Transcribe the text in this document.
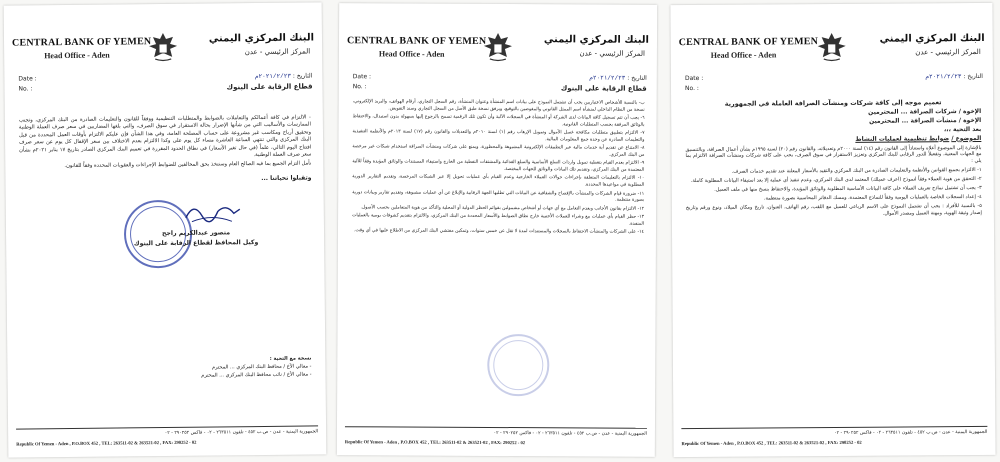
CENTRAL BANK OF YEMEN
Head Office - Aden
البنك المركزي اليمني
المركز الرئيسي - عدن
Date :
No. :
التاريخ : ٢٠٢١/٢/٢٣م
قطاع الرقابة على البنوك

- الالتزام في كافة أعمالكم والتعاملات بالضوابط والمتطلبات التنظيمية ووفقاً للقانون والتعليمات الصادرة من البنك المركزي، وتجنب الممارسات والأساليب التي من شأنها الإضرار بحالة الاستقرار في سوق الصرف، والتي بلغها المضاربين في سعر صرف العملة الوطنية وتحقيق أرباح ومكاسب غير مشروعة على حساب المصلحة العامة، وفي هذا الشأن فإن عليكم الالتزام بأوقات العمل المحددة من قبل البنك المركزي والتي تنتهي الساعة العاشرة مساء كل يوم على وكذا الالتزام بعدم الاختلاف بين سعر الإقفال كل يوم عن سعر صرف افتتاح اليوم التالي، علماً (في حال تغير الأسعار) في نطاق الحدود المقررة في تعميم البنك المركزي الصادر بتاريخ ١٧ يناير ٢٠٢١م بشأن سعر صرف العملة الوطنية.

نأمل التزام الجميع بما فيه الصالح العام وسنتخذ بحق المخالفين للضوابط الإجراءات والعقوبات المحددة وفقاً للقانون.

وتقبلوا تحياتنا ...

منصور عبدالكريم راجح
وكيل المحافظ لقطاع الرقابة على البنوك
نسخة مع التحية :
- معالي الأخ / محافظ البنك المركزي ... المحترم
- معالي الأخ / نائب محافظ البنك المركزي ... المحترم
الجمهورية اليمنية - عدن - ص.ب ٤٥٢ - تلفون ٢٦٣٥١١ - ٠٢ - فاكس ٢٩٠٢٥٢ - ٠٢
Republic Of Yemen - Aden , P.O.BOX 452 , TEL: 263511-02 & 263521-02 , FAX: 290252 - 02
CENTRAL BANK OF YEMEN
Head Office - Aden
البنك المركزي اليمني
المركز الرئيسي - عدن
Date :
No. :
التاريخ : ٢٠٢١/٢/٢٣م
قطاع الرقابة على البنوك

ب- بالنسبة للأشخاص الاعتباريين يجب أن تشتمل النموذج على بيانات اسم المنشأة وعنوان المنشأة، رقم السجل التجاري، أرقام الهواتف، والبريد الإلكتروني، نسخة من النظام الداخلي لمنشأة اسم الممثل القانوني والمفوضين بالتوقيع، ويرفق نسخة طبق الأصل من السجل التجاري وسند التفويض.

٦- يجب أن تتم تسجيل كافة البيانات لدى الشركة أو المنشأة في السجلات الآلية وأن تكون تلك الرقمية تسمح بالرجوع إليها بسهولة بدون استبدال، والاحتفاظ بالوثائق المرفقة بحسب المتطلبات القانونية.

٧- الالتزام بتطبيق متطلبات مكافحة غسل الأموال وتمويل الإرهاب رقم (١) لسنة ٢٠١٠م والتعديلات والقانون رقم (١٧) لسنة ٢٠١٣م والأنظمة التنفيذية والتعليمات الصادرة عن وحدة جمع المعلومات المالية.

٨- الامتناع عن تقديم أية خدمات مالية عبر التطبيقات الإلكترونية المشبوهة والمحظورة، ويمنع على شركات ومنشآت الصرافة استخدام شبكات غير مرخصة من البنك المركزي.

٩- الالتزام بعدم القيام بتغطية تمويل واردات السلع الأساسية والسلع الغذائية والمشتقات النفطية من الخارج واستيفاء المستندات والوثائق المؤيدة وفقاً للآلية المعتمدة من البنك المركزي، وتقديم تلك البيانات والوثائق للجهات المختصة.

١٠- الالتزام بالتعليمات المتعلقة بإجراءات حوالات العملاء الخارجية وعدم القيام بأي عمليات تحويل إلا عبر الشبكات المرخصة، وتقديم التقارير الدورية المطلوبة في مواعيدها المحددة.

١١- ضرورة قيام الشركات والمنشآت بالإفصاح والشفافية عن البيانات التي تطلبها الجهة الرقابية والإبلاغ عن أي عمليات مشبوهة، وتقديم تقارير وبيانات دورية بصورة منتظمة.

١٢- الالتزام بقانون الأجانب وبعدم التعامل مع أي جهات أو أشخاص مشمولين بقوائم الحظر الدولية أو المحلية والتأكد من هوية المتعاملين بحسب الأصول.

١٣- حظر القيام بأي عمليات بيع وشراء للعملات الأجنبية خارج نطاق الضوابط والأسعار المحددة من البنك المركزي، والالتزام بتقديم كشوفات يومية بالعمليات المنفذة.

١٤- على الشركات والمنشآت الاحتفاظ بالسجلات والمستندات لمدة لا تقل عن خمس سنوات، وتمكين مفتشي البنك المركزي من الاطلاع عليها في أي وقت.

الجمهورية اليمنية - عدن - ص.ب ٤٥٢ - تلفون ٢٦٣٥١١ - ٠٢ - فاكس ٢٩٠٢٥٢ - ٠٢
Republic Of Yemen - Aden , P.O.BOX 452 , TEL: 263511-02 & 263521-02 , FAX: 290252 - 02
CENTRAL BANK OF YEMEN
Head Office - Aden
البنك المركزي اليمني
المركز الرئيسي - عدن
Date :
No. :
التاريخ : ٢٠٢١/٢/٢٣م

تعميم موجه إلى كافة شركات ومنشآت الصرافة العاملة في الجمهورية

الإخوة / شركات الصرافة ... المحترمين

الإخوة / منشآت الصرافة ... المحترمين

بعد التحية ،،،

الموضوع / ضوابط تنظيمية لعمليات النشاط

بالإشارة إلى الموضوع أعلاه واستناداً إلى القانون رقم (١٤) لسنة ٢٠٠٠م وتعديلاته، والقانون رقم (٢٠) لسنة ١٩٩٥م بشأن أعمال الصرافة، وبالتنسيق مع الجهات المعنية، وتفعيلاً للدور الرقابي للبنك المركزي وتعزيز الاستقرار في سوق الصرف، يجب على كافة شركات ومنشآت الصرافة الالتزام بما يلي :

١- الالتزام بجميع القوانين والأنظمة والتعليمات الصادرة من البنك المركزي والتقيد بالأسعار المعلنة عند تقديم خدمات الصرف.

٢- التحقق من هوية العملاء وفقاً لنموذج (اعرف عميلك) المعتمد لدى البنك المركزي، وعدم تنفيذ أي عملية إلا بعد استيفاء البيانات المطلوبة كاملة.

٣- يجب أن تشتمل نماذج تعريف العملاء على كافة البيانات الأساسية المطلوبة والوثائق المؤيدة، والاحتفاظ بنسخ منها في ملف العميل.

٤- إعداد السجلات الخاصة بالعمليات اليومية وفقاً للنماذج المعتمدة، ومسك الدفاتر المحاسبية بصورة منتظمة.

٥- بالنسبة للأفراد : يجب أن تشتمل النموذج على الاسم الرباعي للعميل مع اللقب، رقم الهاتف، العنوان، تاريخ ومكان الميلاد، ونوع ورقم وتاريخ إصدار وثيقة الهوية، ومهنة العميل ومصدر الأموال.

الجمهورية اليمنية - عدن - ص.ب ٤٥٢ - تلفون ٢٦٣٥١١ - ٠٢ - فاكس ٢٩٠٢٥٢ - ٠٢
Republic Of Yemen - Aden , P.O.BOX 452 , TEL: 263511-02 & 263521-02 , FAX: 290252 - 02
